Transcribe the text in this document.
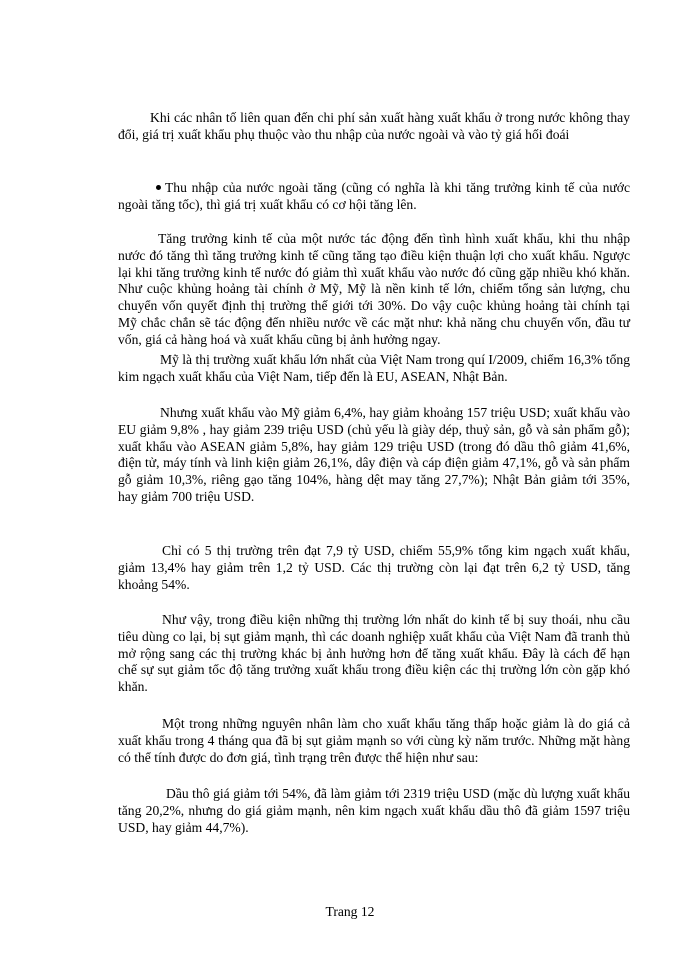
Khi các nhân tố liên quan đến chi phí sản xuất hàng xuất khẩu ở trong nước không thay đổi, giá trị xuất khẩu phụ thuộc vào thu nhập của nước ngoài và vào tỷ giá hối đoái

Thu nhập của nước ngoài tăng (cũng có nghĩa là khi tăng trưởng kinh tế của nước ngoài tăng tốc), thì giá trị xuất khẩu có cơ hội tăng lên.

Tăng trưởng kinh tế của một nước tác động đến tình hình xuất khẩu, khi thu nhập nước đó tăng thì tăng trưởng kinh tế cũng tăng tạo điều kiện thuận lợi cho xuất khẩu. Ngược lại khi tăng trưởng kinh tế nước đó giảm thì xuất khẩu vào nước đó cũng gặp nhiều khó khăn. Như cuộc khủng hoảng tài chính ở Mỹ, Mỹ là nền kinh tế lớn, chiếm tổng sản lượng, chu chuyển vốn quyết định thị trường thế giới tới 30%. Do vậy cuộc khủng hoảng tài chính tại Mỹ chắc chắn sẽ tác động đến nhiều nước về các mặt như: khả năng chu chuyển vốn, đầu tư vốn, giá cả hàng hoá và xuất khẩu cũng bị ảnh hưởng ngay.

Mỹ là thị trường xuất khẩu lớn nhất của Việt Nam trong quí I/2009, chiếm 16,3% tổng kim ngạch xuất khẩu của Việt Nam, tiếp đến là EU, ASEAN, Nhật Bản.

Nhưng xuất khẩu vào Mỹ giảm 6,4%, hay giảm khoảng 157 triệu USD; xuất khẩu vào EU giảm 9,8% , hay giảm 239 triệu USD (chủ yếu là giày dép, thuỷ sản, gỗ và sản phẩm gỗ); xuất khẩu vào ASEAN giảm 5,8%, hay giảm 129 triệu USD (trong đó dầu thô giảm 41,6%, điện tử, máy tính và linh kiện giảm 26,1%, dây điện và cáp điện giảm 47,1%, gỗ và sản phẩm gỗ giảm 10,3%, riêng gạo tăng 104%, hàng dệt may tăng 27,7%); Nhật Bản giảm tới 35%, hay giảm 700 triệu USD.

Chỉ có 5 thị trường trên đạt 7,9 tỷ USD, chiếm 55,9% tổng kim ngạch xuất khẩu, giảm 13,4% hay giảm trên 1,2 tỷ USD. Các thị trường còn lại đạt trên 6,2 tỷ USD, tăng khoảng 54%.

Như vậy, trong điều kiện những thị trường lớn nhất do kinh tế bị suy thoái, nhu cầu tiêu dùng co lại, bị sụt giảm mạnh, thì các doanh nghiệp xuất khẩu của Việt Nam đã tranh thủ mở rộng sang các thị trường khác bị ảnh hưởng hơn để tăng xuất khẩu. Đây là cách để hạn chế sự sụt giảm tốc độ tăng trưởng xuất khẩu trong điều kiện các thị trường lớn còn gặp khó khăn.

Một trong những nguyên nhân làm cho xuất khẩu tăng thấp hoặc giảm là do giá cả xuất khẩu trong 4 tháng qua đã bị sụt giảm mạnh so với cùng kỳ năm trước. Những mặt hàng có thể tính được do đơn giá, tình trạng trên được thể hiện như sau:

Dầu thô giá giảm tới 54%, đã làm giảm tới 2319 triệu USD (mặc dù lượng xuất khẩu tăng 20,2%, nhưng do giá giảm mạnh, nên kim ngạch xuất khẩu dầu thô đã giảm 1597 triệu USD, hay giảm 44,7%).

Trang 12
